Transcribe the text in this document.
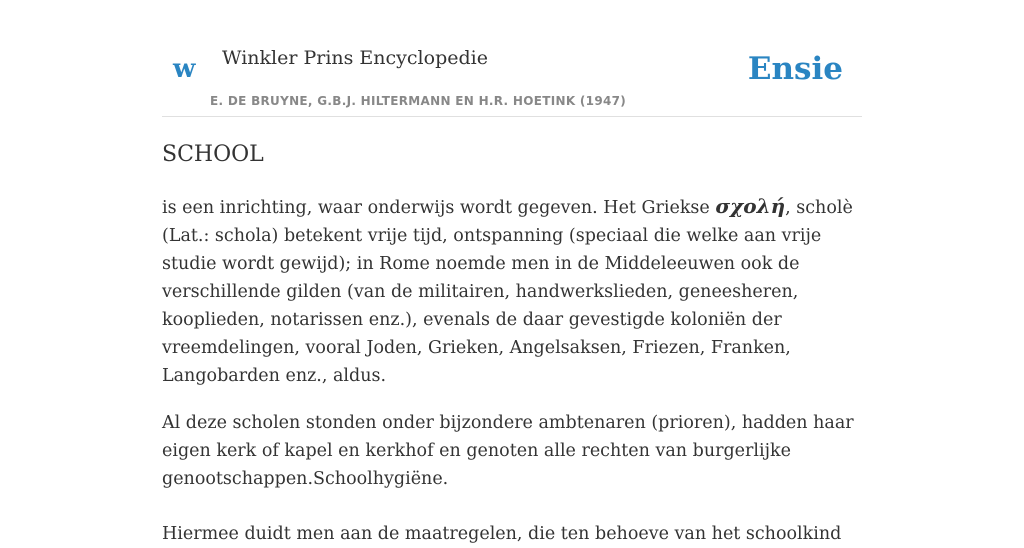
w Winkler Prins Encyclopedie
E. DE BRUYNE, G.B.J. HILTERMANN EN H.R. HOETINK (1947)
Ensie
SCHOOL

is een inrichting, waar onderwijs wordt gegeven. Het Griekse σχολή, scholè (Lat.: schola) betekent vrije tijd, ontspanning (speciaal die welke aan vrije studie wordt gewijd); in Rome noemde men in de Middeleeuwen ook de verschillende gilden (van de militairen, handwerkslieden, geneesheren, kooplieden, notarissen enz.), evenals de daar gevestigde koloniën der vreemdelingen, vooral Joden, Grieken, Angelsaksen, Friezen, Franken, Langobarden enz., aldus.

Al deze scholen stonden onder bijzondere ambtenaren (prioren), hadden haar eigen kerk of kapel en kerkhof en genoten alle rechten van burgerlijke genootschappen.Schoolhygiëne.

Hiermee duidt men aan de maatregelen, die ten behoeve van het schoolkind
